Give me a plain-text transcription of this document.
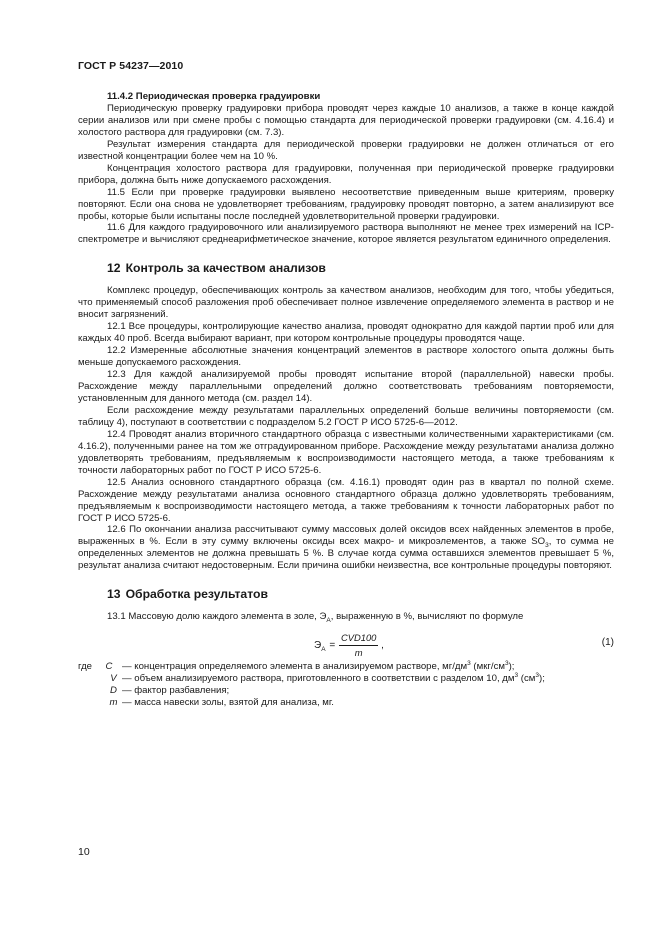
ГОСТ Р 54237—2010

11.4.2 Периодическая проверка градуировки

Периодическую проверку градуировки прибора проводят через каждые 10 анализов, а также в конце каждой серии анализов или при смене пробы с помощью стандарта для периодической проверки градуировки (см. 4.16.4) и холостого раствора для градуировки (см. 7.3).

Результат измерения стандарта для периодической проверки градуировки не должен отличаться от его известной концентрации более чем на 10 %.

Концентрация холостого раствора для градуировки, полученная при периодической проверке градуировки прибора, должна быть ниже допускаемого расхождения.

11.5 Если при проверке градуировки выявлено несоответствие приведенным выше критериям, проверку повторяют. Если она снова не удовлетворяет требованиям, градуировку проводят повторно, а затем анализируют все пробы, которые были испытаны после последней удовлетворительной проверки градуировки.

11.6 Для каждого градуировочного или анализируемого раствора выполняют не менее трех измерений на ICP-спектрометре и вычисляют среднеарифметическое значение, которое является результатом единичного определения.

12 Контроль за качеством анализов

Комплекс процедур, обеспечивающих контроль за качеством анализов, необходим для того, чтобы убедиться, что применяемый способ разложения проб обеспечивает полное извлечение определяемого элемента в раствор и не вносит загрязнений.

12.1 Все процедуры, контролирующие качество анализа, проводят однократно для каждой партии проб или для каждых 40 проб. Всегда выбирают вариант, при котором контрольные процедуры проводятся чаще.

12.2 Измеренные абсолютные значения концентраций элементов в растворе холостого опыта должны быть меньше допускаемого расхождения.

12.3 Для каждой анализируемой пробы проводят испытание второй (параллельной) навески пробы. Расхождение между параллельными определений должно соответствовать требованиям повторяемости, установленным для данного метода (см. раздел 14).

Если расхождение между результатами параллельных определений больше величины повторяемости (см. таблицу 4), поступают в соответствии с подразделом 5.2 ГОСТ Р ИСО 5725-6—2012.

12.4 Проводят анализ вторичного стандартного образца с известными количественными характеристиками (см. 4.16.2), полученными ранее на том же отградуированном приборе. Расхождение между результатами анализа должно удовлетворять требованиям, предъявляемым к воспроизводимости настоящего метода, а также требованиям к точности лабораторных работ по ГОСТ Р ИСО 5725-6.

12.5 Анализ основного стандартного образца (см. 4.16.1) проводят один раз в квартал по полной схеме. Расхождение между результатами анализа основного стандартного образца должно удовлетворять требованиям, предъявляемым к воспроизводимости настоящего метода, а также требованиям к точности лабораторных работ по ГОСТ Р ИСО 5725-6.

12.6 По окончании анализа рассчитывают сумму массовых долей оксидов всех найденных элементов в пробе, выраженных в %. Если в эту сумму включены оксиды всех макро- и микроэлементов, а также $SO_3$, то сумма не определенных элементов не должна превышать 5 %. В случае когда сумма оставшихся элементов превышает 5 %, результат анализа считают недостоверным. Если причина ошибки неизвестна, все контрольные процедуры повторяют.

13 Обработка результатов

13.1 Массовую долю каждого элемента в золе, $Э_A$, выраженную в %, вычисляют по формуле

$Э_A = \frac{\text{CVD100}}{m}$ ,	(1)
где	C — концентрация определяемого элемента в анализируемом растворе, $мг/дм^3$ $(мкг/см^3)$;
V — объем анализируемого раствора, приготовленного в соответствии с разделом 10, $дм^3$ $(см^3)$;
D — фактор разбавления;
m — масса навески золы, взятой для анализа, мг.
10
